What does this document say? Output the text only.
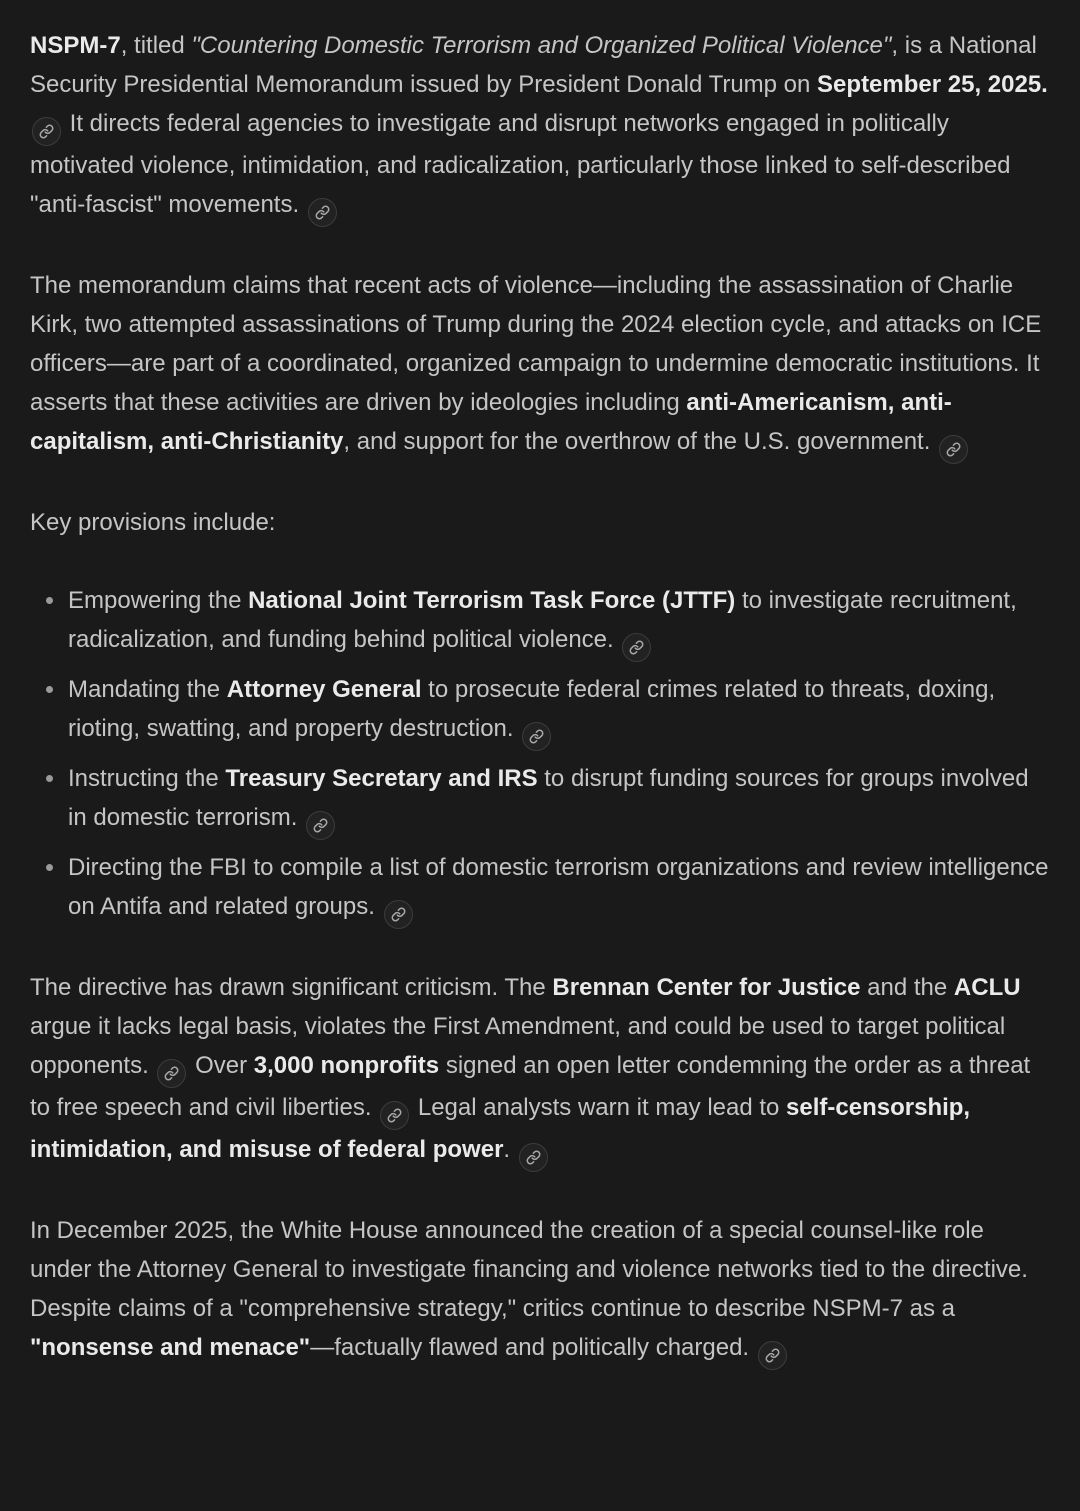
NSPM-7, titled "Countering Domestic Terrorism and Organized Political Violence", is a National Security Presidential Memorandum issued by President Donald Trump on September 25, 2025.
It directs federal agencies to investigate and disrupt networks engaged in politically motivated violence, intimidation, and radicalization, particularly those linked to self-described "anti-fascist" movements.

The memorandum claims that recent acts of violence—including the assassination of Charlie Kirk, two attempted assassinations of Trump during the 2024 election cycle, and attacks on ICE officers—are part of a coordinated, organized campaign to undermine democratic institutions. It asserts that these activities are driven by ideologies including anti-Americanism, anti-capitalism, anti-Christianity, and support for the overthrow of the U.S. government.

Key provisions include:

Empowering the National Joint Terrorism Task Force (JTTF) to investigate recruitment, radicalization, and funding behind political violence.
Mandating the Attorney General to prosecute federal crimes related to threats, doxing, rioting, swatting, and property destruction.
Instructing the Treasury Secretary and IRS to disrupt funding sources for groups involved in domestic terrorism.
Directing the FBI to compile a list of domestic terrorism organizations and review intelligence on Antifa and related groups.

The directive has drawn significant criticism. The Brennan Center for Justice and the ACLU argue it lacks legal basis, violates the First Amendment, and could be used to target political opponents.
Over 3,000 nonprofits signed an open letter condemning the order as a threat to free speech and civil liberties.
Legal analysts warn it may lead to self-censorship, intimidation, and misuse of federal power.

In December 2025, the White House announced the creation of a special counsel-like role under the Attorney General to investigate financing and violence networks tied to the directive. Despite claims of a "comprehensive strategy," critics continue to describe NSPM-7 as a "nonsense and menace"—factually flawed and politically charged.
